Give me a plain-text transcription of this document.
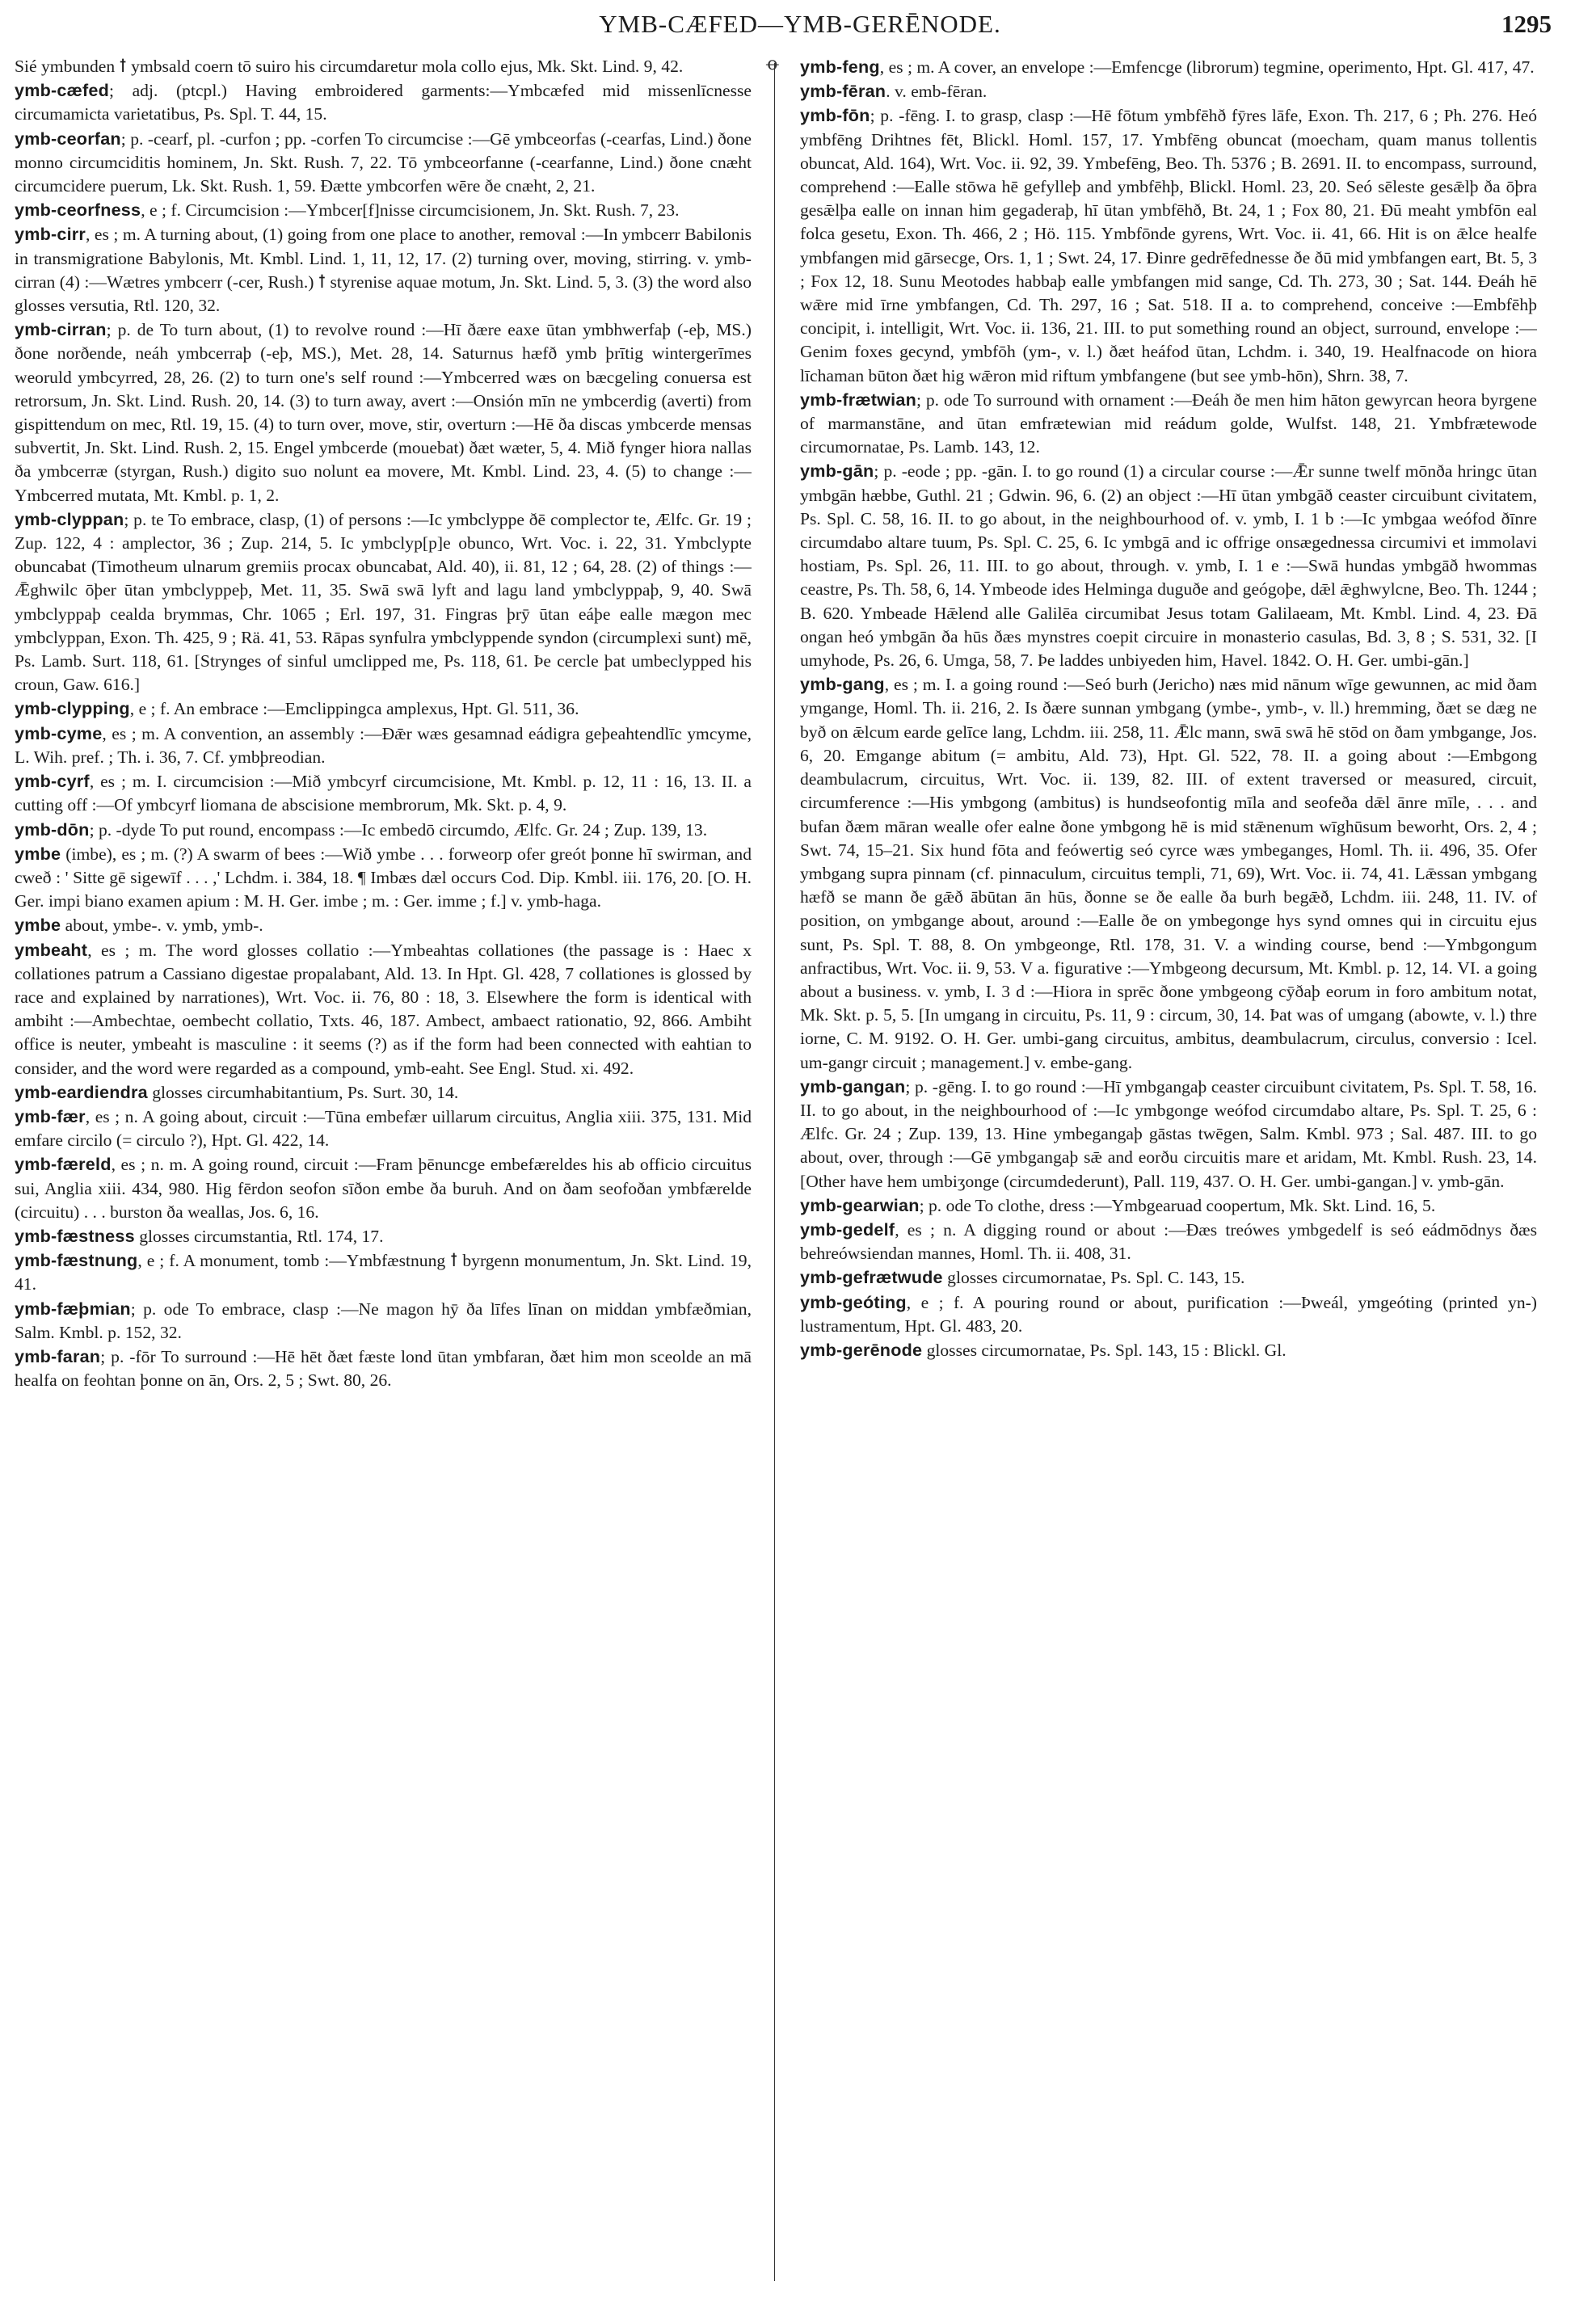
YMB-CÆFED—YMB-GERĒNODE.	1295
ꝋ

Sié ymbunden ꝉ ymbsald coern tō suiro his circumdaretur mola collo ejus, Mk. Skt. Lind. 9, 42.

ymb-cæfed; adj. (ptcpl.) Having embroidered garments:—Ymbcæfed mid missenlīcnesse circumamicta varietatibus, Ps. Spl. T. 44, 15.

ymb-ceorfan; p. -cearf, pl. -curfon ; pp. -corfen To circumcise :—Gē ymbceorfas (-cearfas, Lind.) ðone monno circumciditis hominem, Jn. Skt. Rush. 7, 22. Tō ymbceorfanne (-cearfanne, Lind.) ðone cnæht circumcidere puerum, Lk. Skt. Rush. 1, 59. Ðætte ymbcorfen wēre ðe cnæht, 2, 21.

ymb-ceorfness, e ; f. Circumcision :—Ymbcer[f]nisse circumcisionem, Jn. Skt. Rush. 7, 23.

ymb-cirr, es ; m. A turning about, (1) going from one place to another, removal :—In ymbcerr Babilonis in transmigratione Babylonis, Mt. Kmbl. Lind. 1, 11, 12, 17. (2) turning over, moving, stirring. v. ymb-cirran (4) :—Wætres ymbcerr (-cer, Rush.) ꝉ styrenise aquae motum, Jn. Skt. Lind. 5, 3. (3) the word also glosses versutia, Rtl. 120, 32.

ymb-cirran; p. de To turn about, (1) to revolve round :—Hī ðære eaxe ūtan ymbhwerfaþ (-eþ, MS.) ðone norðende, neáh ymbcerraþ (-eþ, MS.), Met. 28, 14. Saturnus hæfð ymb þrītig wintergerīmes weoruld ymbcyrred, 28, 26. (2) to turn one's self round :—Ymbcerred wæs on bæcgeling conuersa est retrorsum, Jn. Skt. Lind. Rush. 20, 14. (3) to turn away, avert :—Onsión mīn ne ymbcerdig (averti) from gispittendum on mec, Rtl. 19, 15. (4) to turn over, move, stir, overturn :—Hē ða discas ymbcerde mensas subvertit, Jn. Skt. Lind. Rush. 2, 15. Engel ymbcerde (mouebat) ðæt wæter, 5, 4. Mið fynger hiora nallas ða ymbcerræ (styrgan, Rush.) digito suo nolunt ea movere, Mt. Kmbl. Lind. 23, 4. (5) to change :—Ymbcerred mutata, Mt. Kmbl. p. 1, 2.

ymb-clyppan; p. te To embrace, clasp, (1) of persons :—Ic ymbclyppe ðē complector te, Ælfc. Gr. 19 ; Zup. 122, 4 : amplector, 36 ; Zup. 214, 5. Ic ymbclyp[p]e obunco, Wrt. Voc. i. 22, 31. Ymbclypte obuncabat (Timotheum ulnarum gremiis procax obuncabat, Ald. 40), ii. 81, 12 ; 64, 28. (2) of things :—Ǣghwilc ōþer ūtan ymbclyppeþ, Met. 11, 35. Swā swā lyft and lagu land ymbclyppaþ, 9, 40. Swā ymbclyppaþ cealda brymmas, Chr. 1065 ; Erl. 197, 31. Fingras þrȳ ūtan eáþe ealle mægon mec ymbclyppan, Exon. Th. 425, 9 ; Rä. 41, 53. Rāpas synfulra ymbclyppende syndon (circumplexi sunt) mē, Ps. Lamb. Surt. 118, 61. [Strynges of sinful umclipped me, Ps. 118, 61. Þe cercle þat umbeclypped his croun, Gaw. 616.]

ymb-clypping, e ; f. An embrace :—Emclippingca amplexus, Hpt. Gl. 511, 36.

ymb-cyme, es ; m. A convention, an assembly :—Ðǣr wæs gesamnad eádigra geþeahtendlīc ymcyme, L. Wih. pref. ; Th. i. 36, 7. Cf. ymbþreodian.

ymb-cyrf, es ; m. I. circumcision :—Mið ymbcyrf circumcisione, Mt. Kmbl. p. 12, 11 : 16, 13. II. a cutting off :—Of ymbcyrf liomana de abscisione membrorum, Mk. Skt. p. 4, 9.

ymb-dōn; p. -dyde To put round, encompass :—Ic embedō circumdo, Ælfc. Gr. 24 ; Zup. 139, 13.

ymbe (imbe), es ; m. (?) A swarm of bees :—Wið ymbe . . . forweorp ofer greót þonne hī swirman, and cweð : ' Sitte gē sigewīf . . . ,' Lchdm. i. 384, 18. ¶ Imbæs dæl occurs Cod. Dip. Kmbl. iii. 176, 20. [O. H. Ger. impi biano examen apium : M. H. Ger. imbe ; m. : Ger. imme ; f.] v. ymb-haga.

ymbe about, ymbe-. v. ymb, ymb-.

ymbeaht, es ; m. The word glosses collatio :—Ymbeahtas collationes (the passage is : Haec x collationes patrum a Cassiano digestae propalabant, Ald. 13. In Hpt. Gl. 428, 7 collationes is glossed by race and explained by narrationes), Wrt. Voc. ii. 76, 80 : 18, 3. Elsewhere the form is identical with ambiht :—Ambechtae, oembecht collatio, Txts. 46, 187. Ambect, ambaect rationatio, 92, 866. Ambiht office is neuter, ymbeaht is masculine : it seems (?) as if the form had been connected with eahtian to consider, and the word were regarded as a compound, ymb-eaht. See Engl. Stud. xi. 492.

ymb-eardiendra glosses circumhabitantium, Ps. Surt. 30, 14.

ymb-fær, es ; n. A going about, circuit :—Tūna embefær uillarum circuitus, Anglia xiii. 375, 131. Mid emfare circilo (= circulo ?), Hpt. Gl. 422, 14.

ymb-færeld, es ; n. m. A going round, circuit :—Fram þēnuncge embefæreldes his ab officio circuitus sui, Anglia xiii. 434, 980. Hig fērdon seofon sīðon embe ða buruh. And on ðam seofoðan ymbfærelde (circuitu) . . . burston ða weallas, Jos. 6, 16.

ymb-fæstness glosses circumstantia, Rtl. 174, 17.

ymb-fæstnung, e ; f. A monument, tomb :—Ymbfæstnung ꝉ byrgenn monumentum, Jn. Skt. Lind. 19, 41.

ymb-fæþmian; p. ode To embrace, clasp :—Ne magon hȳ ða līfes līnan on middan ymbfæðmian, Salm. Kmbl. p. 152, 32.

ymb-faran; p. -fōr To surround :—Hē hēt ðæt fæste lond ūtan ymbfaran, ðæt him mon sceolde an mā healfa on feohtan þonne on ān, Ors. 2, 5 ; Swt. 80, 26.

ymb-feng, es ; m. A cover, an envelope :—Emfencge (librorum) tegmine, operimento, Hpt. Gl. 417, 47.

ymb-fēran. v. emb-fēran.

ymb-fōn; p. -fēng. I. to grasp, clasp :—Hē fōtum ymbfēhð fȳres lāfe, Exon. Th. 217, 6 ; Ph. 276. Heó ymbfēng Drihtnes fēt, Blickl. Homl. 157, 17. Ymbfēng obuncat (moecham, quam manus tollentis obuncat, Ald. 164), Wrt. Voc. ii. 92, 39. Ymbefēng, Beo. Th. 5376 ; B. 2691. II. to encompass, surround, comprehend :—Ealle stōwa hē gefylleþ and ymbfēhþ, Blickl. Homl. 23, 20. Seó sēleste gesǣlþ ða ōþra gesǣlþa ealle on innan him gegaderaþ, hī ūtan ymbfēhð, Bt. 24, 1 ; Fox 80, 21. Ðū meaht ymbfōn eal folca gesetu, Exon. Th. 466, 2 ; Hö. 115. Ymbfōnde gyrens, Wrt. Voc. ii. 41, 66. Hit is on ǣlce healfe ymbfangen mid gārsecge, Ors. 1, 1 ; Swt. 24, 17. Ðinre gedrēfednesse ðe ðū mid ymbfangen eart, Bt. 5, 3 ; Fox 12, 18. Sunu Meotodes habbaþ ealle ymbfangen mid sange, Cd. Th. 273, 30 ; Sat. 144. Ðeáh hē wǣre mid īrne ymbfangen, Cd. Th. 297, 16 ; Sat. 518. II a. to comprehend, conceive :—Embfēhþ concipit, i. intelligit, Wrt. Voc. ii. 136, 21. III. to put something round an object, surround, envelope :—Genim foxes gecynd, ymbfōh (ym-, v. l.) ðæt heáfod ūtan, Lchdm. i. 340, 19. Healfnacode on hiora līchaman būton ðæt hig wǣron mid riftum ymbfangene (but see ymb-hōn), Shrn. 38, 7.

ymb-frætwian; p. ode To surround with ornament :—Ðeáh ðe men him hāton gewyrcan heora byrgene of marmanstāne, and ūtan emfrætewian mid reádum golde, Wulfst. 148, 21. Ymbfrætewode circumornatae, Ps. Lamb. 143, 12.

ymb-gān; p. -eode ; pp. -gān. I. to go round (1) a circular course :—Ǣr sunne twelf mōnða hringc ūtan ymbgān hæbbe, Guthl. 21 ; Gdwin. 96, 6. (2) an object :—Hī ūtan ymbgāð ceaster circuibunt civitatem, Ps. Spl. C. 58, 16. II. to go about, in the neighbourhood of. v. ymb, I. 1 b :—Ic ymbgaa weófod ðīnre circumdabo altare tuum, Ps. Spl. C. 25, 6. Ic ymbgā and ic offrige onsægednessa circumivi et immolavi hostiam, Ps. Spl. 26, 11. III. to go about, through. v. ymb, I. 1 e :—Swā hundas ymbgāð hwommas ceastre, Ps. Th. 58, 6, 14. Ymbeode ides Helminga duguðe and geógoþe, dǣl ǣghwylcne, Beo. Th. 1244 ; B. 620. Ymbeade Hǣlend alle Galilēa circumibat Jesus totam Galilaeam, Mt. Kmbl. Lind. 4, 23. Ðā ongan heó ymbgān ða hūs ðæs mynstres coepit circuire in monasterio casulas, Bd. 3, 8 ; S. 531, 32. [I umyhode, Ps. 26, 6. Umga, 58, 7. Þe laddes unbiyeden him, Havel. 1842. O. H. Ger. umbi-gān.]

ymb-gang, es ; m. I. a going round :—Seó burh (Jericho) næs mid nānum wīge gewunnen, ac mid ðam ymgange, Homl. Th. ii. 216, 2. Is ðære sunnan ymbgang (ymbe-, ymb-, v. ll.) hremming, ðæt se dæg ne byð on ǣlcum earde gelīce lang, Lchdm. iii. 258, 11. Ǣlc mann, swā swā hē stōd on ðam ymbgange, Jos. 6, 20. Emgange abitum (= ambitu, Ald. 73), Hpt. Gl. 522, 78. II. a going about :—Embgong deambulacrum, circuitus, Wrt. Voc. ii. 139, 82. III. of extent traversed or measured, circuit, circumference :—His ymbgong (ambitus) is hundseofontig mīla and seofeða dǣl ānre mīle, . . . and bufan ðæm māran wealle ofer ealne ðone ymbgong hē is mid stǣnenum wīghūsum beworht, Ors. 2, 4 ; Swt. 74, 15–21. Six hund fōta and feówertig seó cyrce wæs ymbeganges, Homl. Th. ii. 496, 35. Ofer ymbgang supra pinnam (cf. pinnaculum, circuitus templi, 71, 69), Wrt. Voc. ii. 74, 41. Lǣssan ymbgang hæfð se mann ðe gǣð ābūtan ān hūs, ðonne se ðe ealle ða burh begǣð, Lchdm. iii. 248, 11. IV. of position, on ymbgange about, around :—Ealle ðe on ymbegonge hys synd omnes qui in circuitu ejus sunt, Ps. Spl. T. 88, 8. On ymbgeonge, Rtl. 178, 31. V. a winding course, bend :—Ymbgongum anfractibus, Wrt. Voc. ii. 9, 53. V a. figurative :—Ymbgeong decursum, Mt. Kmbl. p. 12, 14. VI. a going about a business. v. ymb, I. 3 d :—Hiora in sprēc ðone ymbgeong cȳðaþ eorum in foro ambitum notat, Mk. Skt. p. 5, 5. [In umgang in circuitu, Ps. 11, 9 : circum, 30, 14. Þat was of umgang (abowte, v. l.) thre iorne, C. M. 9192. O. H. Ger. umbi-gang circuitus, ambitus, deambulacrum, circulus, conversio : Icel. um-gangr circuit ; management.] v. embe-gang.

ymb-gangan; p. -gēng. I. to go round :—Hī ymbgangaþ ceaster circuibunt civitatem, Ps. Spl. T. 58, 16. II. to go about, in the neighbourhood of :—Ic ymbgonge weófod circumdabo altare, Ps. Spl. T. 25, 6 : Ælfc. Gr. 24 ; Zup. 139, 13. Hine ymbegangaþ gāstas twēgen, Salm. Kmbl. 973 ; Sal. 487. III. to go about, over, through :—Gē ymbgangaþ sǣ and eorðu circuitis mare et aridam, Mt. Kmbl. Rush. 23, 14. [Other have hem umbiʒonge (circumdederunt), Pall. 119, 437. O. H. Ger. umbi-gangan.] v. ymb-gān.

ymb-gearwian; p. ode To clothe, dress :—Ymbgearuad coopertum, Mk. Skt. Lind. 16, 5.

ymb-gedelf, es ; n. A digging round or about :—Ðæs treówes ymbgedelf is seó eádmōdnys ðæs behreówsiendan mannes, Homl. Th. ii. 408, 31.

ymb-gefrætwude glosses circumornatae, Ps. Spl. C. 143, 15.

ymb-geóting, e ; f. A pouring round or about, purification :—Þweál, ymgeóting (printed yn-) lustramentum, Hpt. Gl. 483, 20.

ymb-gerēnode glosses circumornatae, Ps. Spl. 143, 15 : Blickl. Gl.
